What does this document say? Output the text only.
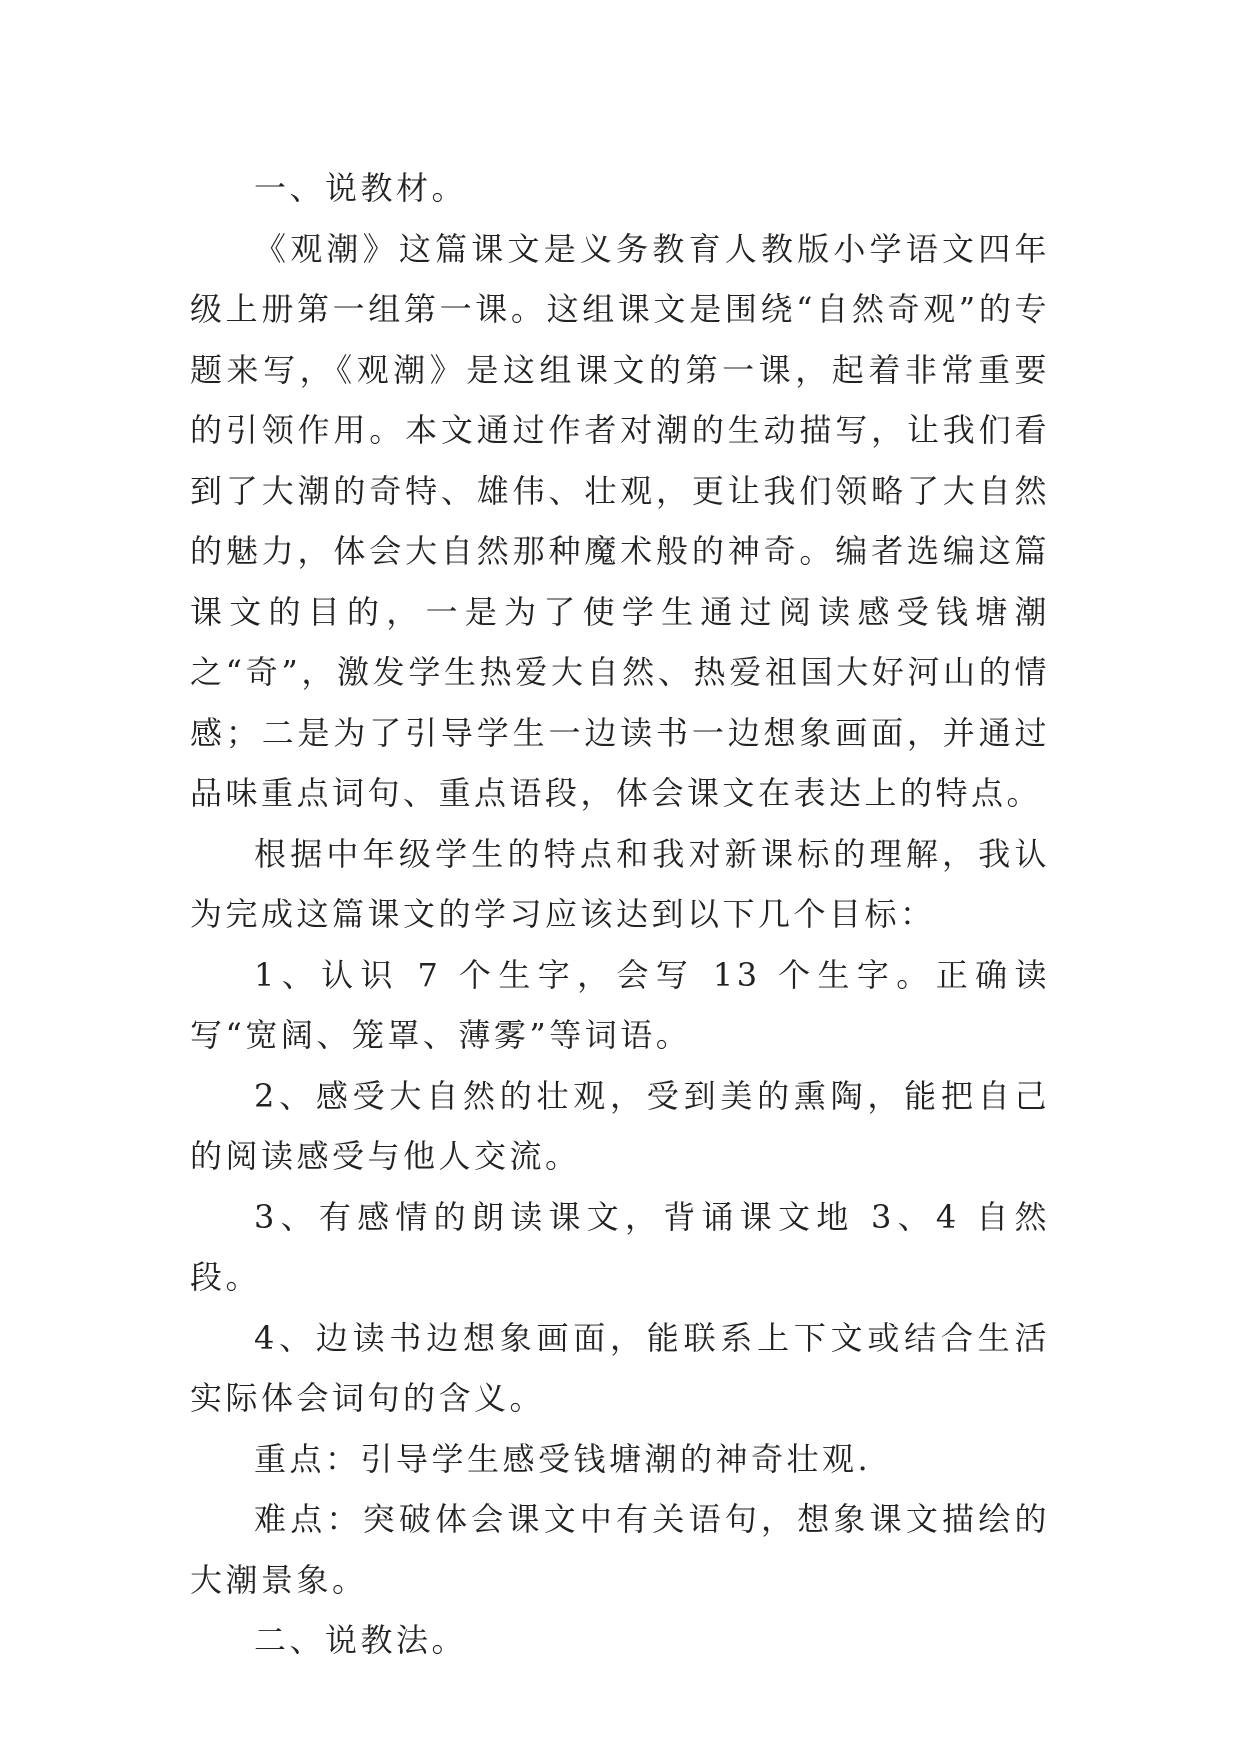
一、说教材。

《观潮》这篇课文是义务教育人教版小学语文四年级上册第一组第一课。这组课文是围绕“自然奇观”的专题来写，《观潮》是这组课文的第一课，起着非常重要的引领作用。本文通过作者对潮的生动描写，让我们看到了大潮的奇特、雄伟、壮观，更让我们领略了大自然的魅力，体会大自然那种魔术般的神奇。编者选编这篇课文的目的，一是为了使学生通过阅读感受钱塘潮之“奇”，激发学生热爱大自然、热爱祖国大好河山的情感；二是为了引导学生一边读书一边想象画面，并通过品味重点词句、重点语段，体会课文在表达上的特点。

根据中年级学生的特点和我对新课标的理解，我认为完成这篇课文的学习应该达到以下几个目标：

1、认识 7 个生字，会写 13 个生字。正确读写“宽阔、笼罩、薄雾”等词语。

2、感受大自然的壮观，受到美的熏陶，能把自己的阅读感受与他人交流。

3、有感情的朗读课文，背诵课文地 3、4 自然段。

4、边读书边想象画面，能联系上下文或结合生活实际体会词句的含义。

重点：引导学生感受钱塘潮的神奇壮观.

难点：突破体会课文中有关语句，想象课文描绘的大潮景象。

二、说教法。
